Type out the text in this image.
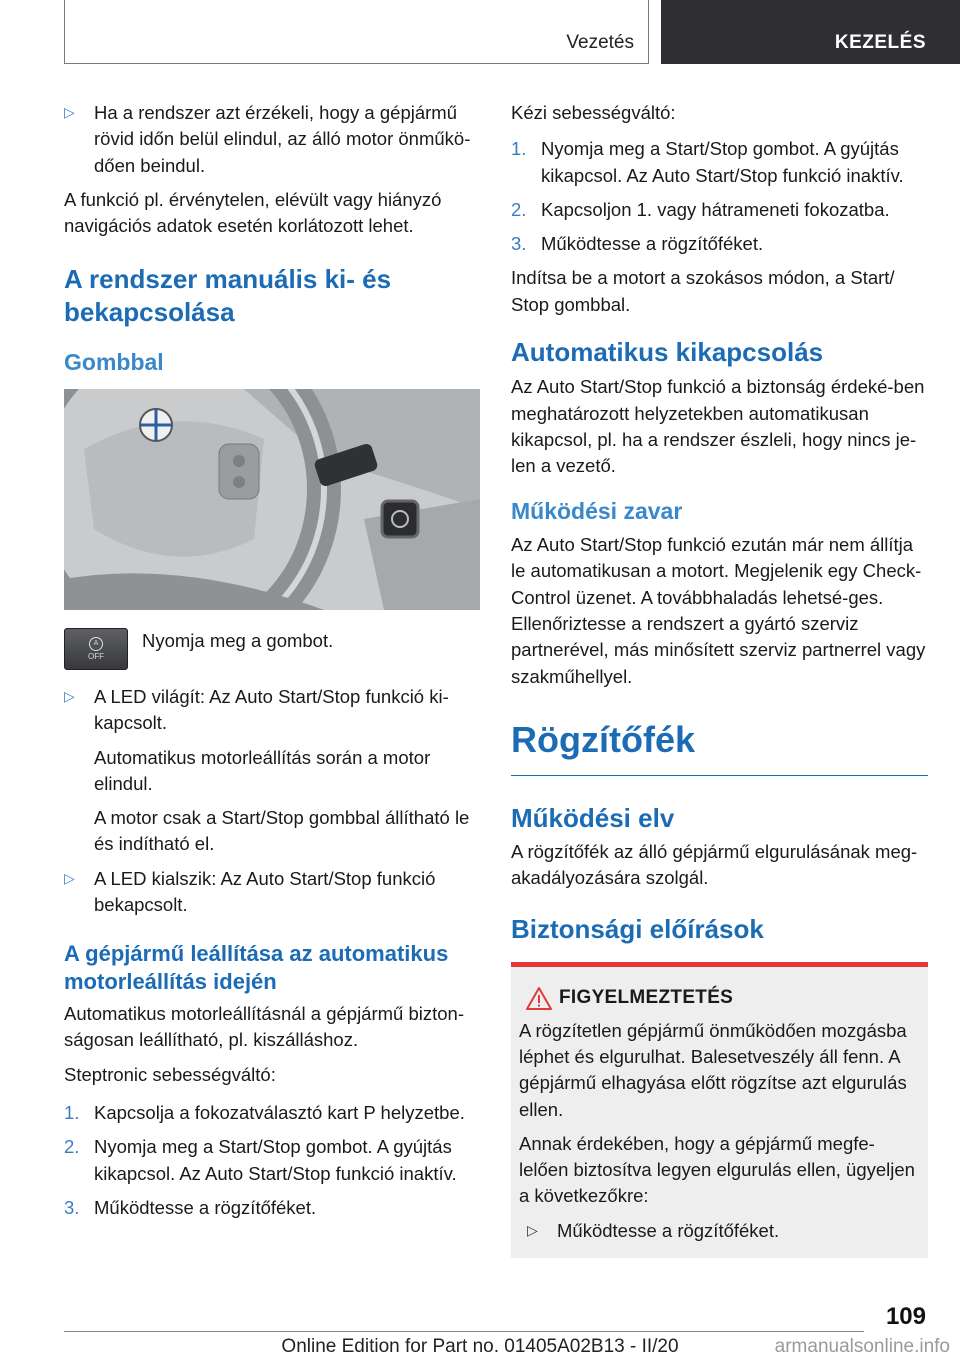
Vezetés	KEZELÉS
▷	Ha a rendszer azt érzékeli, hogy a gépjármű rövid időn belül elindul, az álló motor önműkö-dően beindul.

A funkció pl. érvénytelen, elévült vagy hiányzó navigációs adatok esetén korlátozott lehet.

A rendszer manuális ki- és bekapcsolása
Gombbal
A
OFF
Nyomja meg a gombot.
▷	A LED világít: Az Auto Start/Stop funkció ki-kapcsolt.

Automatikus motorleállítás során a motor elindul.

A motor csak a Start/Stop gombbal állítható le és indítható el.

▷	A LED kialszik: Az Auto Start/Stop funkció bekapcsolt.
A gépjármű leállítása az automatikus motorleállítás idején

Automatikus motorleállításnál a gépjármű bizton-ságosan leállítható, pl. kiszálláshoz.

Steptronic sebességváltó:

1. Kapcsolja a fokozatválasztó kart P helyzetbe.
2. Nyomja meg a Start/Stop gombot. A gyújtás kikapcsol. Az Auto Start/Stop funkció inaktív.
3. Működtesse a rögzítőféket.

Kézi sebességváltó:

1. Nyomja meg a Start/Stop gombot. A gyújtás kikapcsol. Az Auto Start/Stop funkció inaktív.
2. Kapcsoljon 1. vagy hátrameneti fokozatba.
3. Működtesse a rögzítőféket.

Indítsa be a motort a szokásos módon, a Start/ Stop gombbal.

Automatikus kikapcsolás

Az Auto Start/Stop funkció a biztonság érdeké-ben meghatározott helyzetekben automatikusan kikapcsol, pl. ha a rendszer észleli, hogy nincs je-len a vezető.

Működési zavar

Az Auto Start/Stop funkció ezután már nem állítja le automatikusan a motort. Megjelenik egy Check-Control üzenet. A továbbhaladás lehetsé-ges. Ellenőriztesse a rendszert a gyártó szerviz partnerével, más minősített szerviz partnerrel vagy szakműhellyel.

Rögzítőfék
Működési elv

A rögzítőfék az álló gépjármű elgurulásának meg-akadályozására szolgál.

Biztonsági előírások
FIGYELMEZTETÉS

A rögzítetlen gépjármű önműködően mozgásba léphet és elgurulhat. Balesetveszély áll fenn. A gépjármű elhagyása előtt rögzítse azt elgurulás ellen.

Annak érdekében, hogy a gépjármű megfe-lelően biztosítva legyen elgurulás ellen, ügyeljen a következőkre:

▷	Működtesse a rögzítőféket.
109
Online Edition for Part no. 01405A02B13 - II/20	armanualsonline.info
